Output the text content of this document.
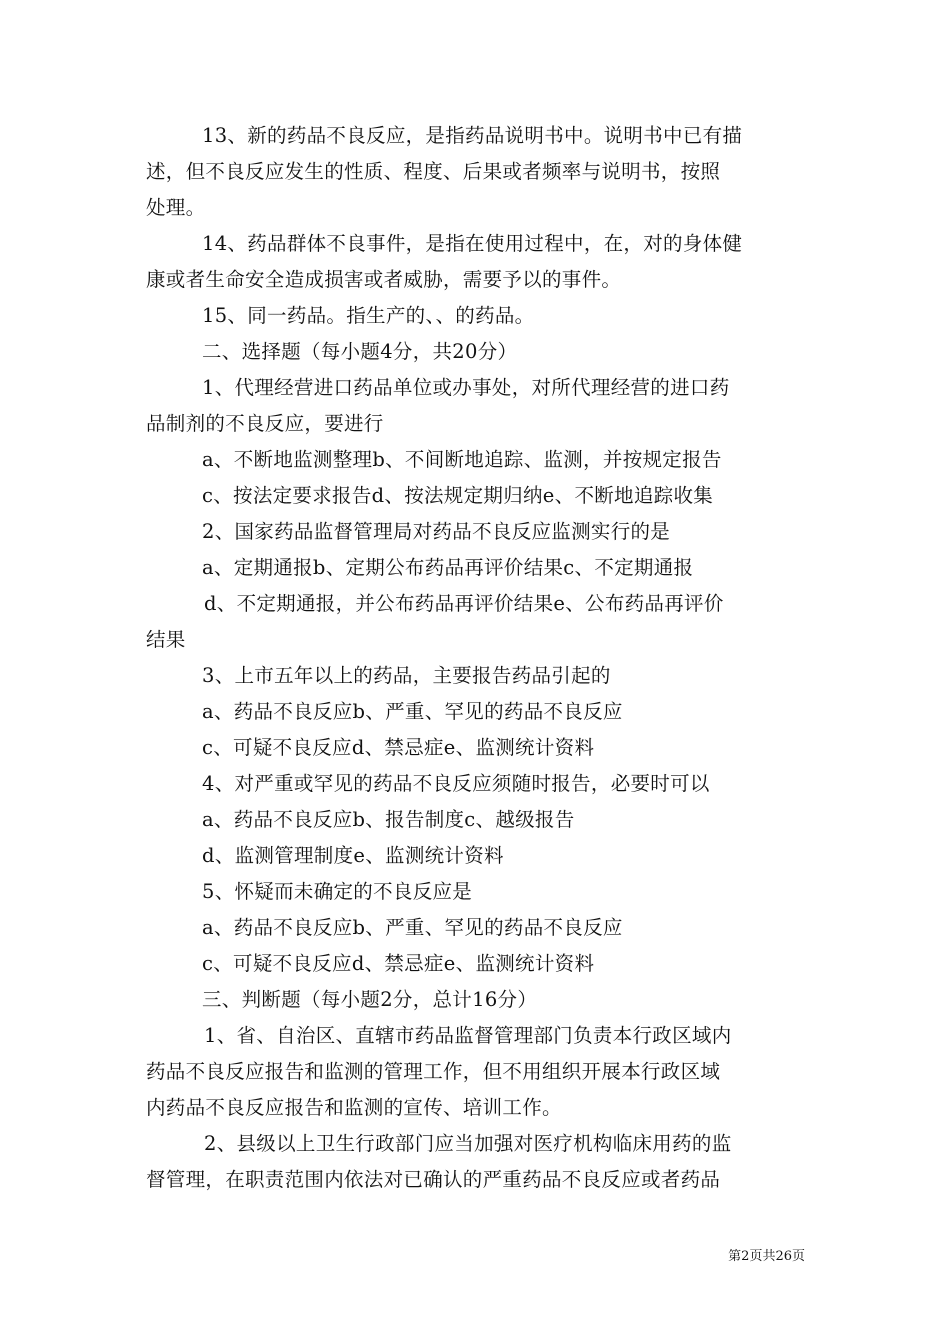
13、新的药品不良反应，是指药品说明书中。说明书中已有描
述，但不良反应发生的性质、程度、后果或者频率与说明书，按照
处理。
14、药品群体不良事件，是指在使用过程中，在，对的身体健
康或者生命安全造成损害或者威胁，需要予以的事件。
15、同一药品。指生产的、、的药品。
二、选择题（每小题4分，共20分）
1、代理经营进口药品单位或办事处，对所代理经营的进口药
品制剂的不良反应，要进行
a、不断地监测整理b、不间断地追踪、监测，并按规定报告
c、按法定要求报告d、按法规定期归纳e、不断地追踪收集
2、国家药品监督管理局对药品不良反应监测实行的是
a、定期通报b、定期公布药品再评价结果c、不定期通报
d、不定期通报，并公布药品再评价结果e、公布药品再评价
结果
3、上市五年以上的药品，主要报告药品引起的
a、药品不良反应b、严重、罕见的药品不良反应
c、可疑不良反应d、禁忌症e、监测统计资料
4、对严重或罕见的药品不良反应须随时报告，必要时可以
a、药品不良反应b、报告制度c、越级报告
d、监测管理制度e、监测统计资料
5、怀疑而未确定的不良反应是
a、药品不良反应b、严重、罕见的药品不良反应
c、可疑不良反应d、禁忌症e、监测统计资料
三、判断题（每小题2分，总计16分）
1、省、自治区、直辖市药品监督管理部门负责本行政区域内
药品不良反应报告和监测的管理工作，但不用组织开展本行政区域
内药品不良反应报告和监测的宣传、培训工作。
2、县级以上卫生行政部门应当加强对医疗机构临床用药的监
督管理，在职责范围内依法对已确认的严重药品不良反应或者药品
第2页共26页
